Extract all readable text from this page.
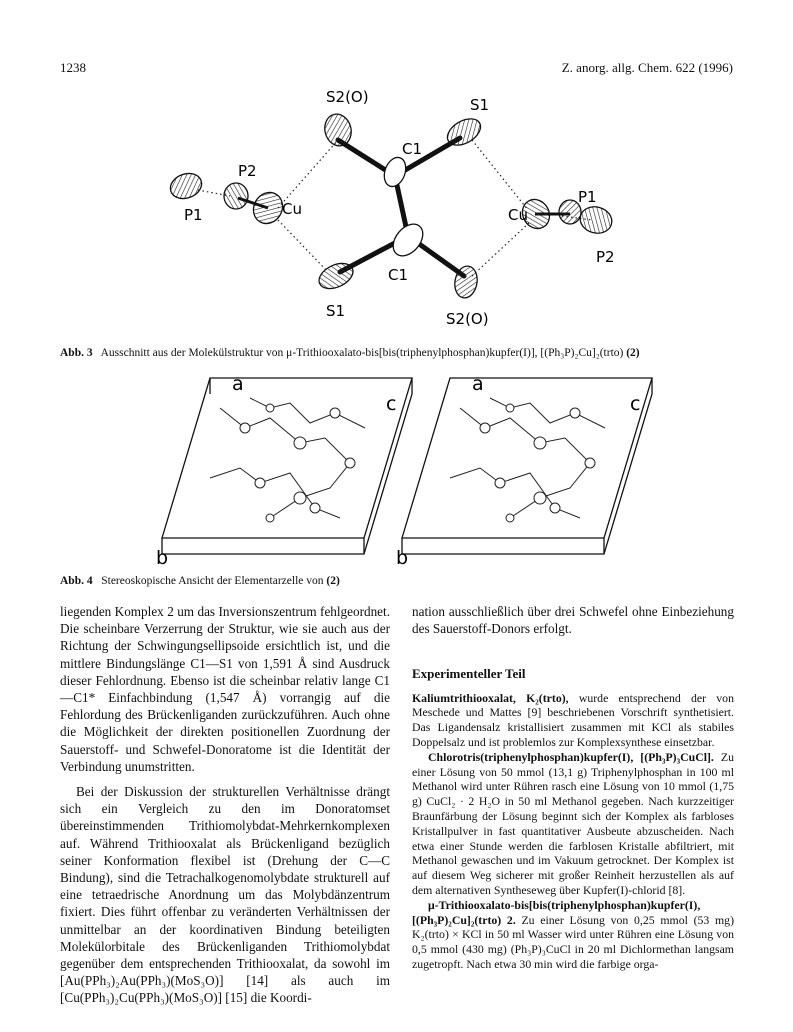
1238	Z. anorg. allg. Chem. 622 (1996)
S2(O)	S1
C1
C1
S1	S2(O)
P2
P1	Cu	Cu
P1
P2
Abb. 3 Ausschnitt aus der Molekülstruktur von μ-Trithiooxalato-bis[bis(triphenylphosphan)kupfer(I)], [(Ph₃P)₂Cu]₂(trto) (2)
a
c
b
a
c
b
Abb. 4 Stereoskopische Ansicht der Elementarzelle von (2)

liegenden Komplex 2 um das Inversionszentrum fehlgeordnet. Die scheinbare Verzerrung der Struktur, wie sie auch aus der Richtung der Schwingungsellipsoide ersichtlich ist, und die mittlere Bindungslänge C1—S1 von 1,591 Å sind Ausdruck dieser Fehlordnung. Ebenso ist die scheinbar relativ lange C1—C1* Einfachbindung (1,547 Å) vorrangig auf die Fehlordung des Brückenliganden zurückzuführen. Auch ohne die Möglichkeit der direkten positionellen Zuordnung der Sauerstoff- und Schwefel-Donoratome ist die Identität der Verbindung unumstritten.

Bei der Diskussion der strukturellen Verhältnisse drängt sich ein Vergleich zu den im Donoratomset übereinstimmenden Trithiomolybdat-Mehrkernkomplexen auf. Während Trithiooxalat als Brückenligand bezüglich seiner Konformation flexibel ist (Drehung der C—C Bindung), sind die Tetrachalkogenomolybdate strukturell auf eine tetraedrische Anordnung um das Molybdänzentrum fixiert. Dies führt offenbar zu veränderten Verhältnissen der unmittelbar an der koordinativen Bindung beteiligten Molekülorbitale des Brückenliganden Trithiomolybdat gegenüber dem entsprechenden Trithiooxalat, da sowohl im [Au(PPh₃)₂Au(PPh₃)(MoS₃O)] [14] als auch im [Cu(PPh₃)₂Cu(PPh₃)(MoS₃O)] [15] die Koordi-

nation ausschließlich über drei Schwefel ohne Einbeziehung des Sauerstoff-Donors erfolgt.

Experimenteller Teil

Kaliumtrithiooxalat, K₂(trto), wurde entsprechend der von Meschede und Mattes [9] beschriebenen Vorschrift synthetisiert. Das Ligandensalz kristallisiert zusammen mit KCl als stabiles Doppelsalz und ist problemlos zur Komplexsynthese einsetzbar.

Chlorotris(triphenylphosphan)kupfer(I), [(Ph₃P)₃CuCl]. Zu einer Lösung von 50 mmol (13,1 g) Triphenylphosphan in 100 ml Methanol wird unter Rühren rasch eine Lösung von 10 mmol (1,75 g) CuCl₂ · 2 H₂O in 50 ml Methanol gegeben. Nach kurzzeitiger Braunfärbung der Lösung beginnt sich der Komplex als farbloses Kristallpulver in fast quantitativer Ausbeute abzuscheiden. Nach etwa einer Stunde werden die farblosen Kristalle abfiltriert, mit Methanol gewaschen und im Vakuum getrocknet. Der Komplex ist auf diesem Weg sicherer mit großer Reinheit herzustellen als auf dem alternativen Syntheseweg über Kupfer(I)-chlorid [8].

μ-Trithiooxalato-bis[bis(triphenylphosphan)kupfer(I), [(Ph₃P)₂Cu]₂(trto) 2. Zu einer Lösung von 0,25 mmol (53 mg) K₂(trto) × KCl in 50 ml Wasser wird unter Rühren eine Lösung von 0,5 mmol (430 mg) (Ph₃P)₃CuCl in 20 ml Dichlormethan langsam zugetropft. Nach etwa 30 min wird die farbige orga-
